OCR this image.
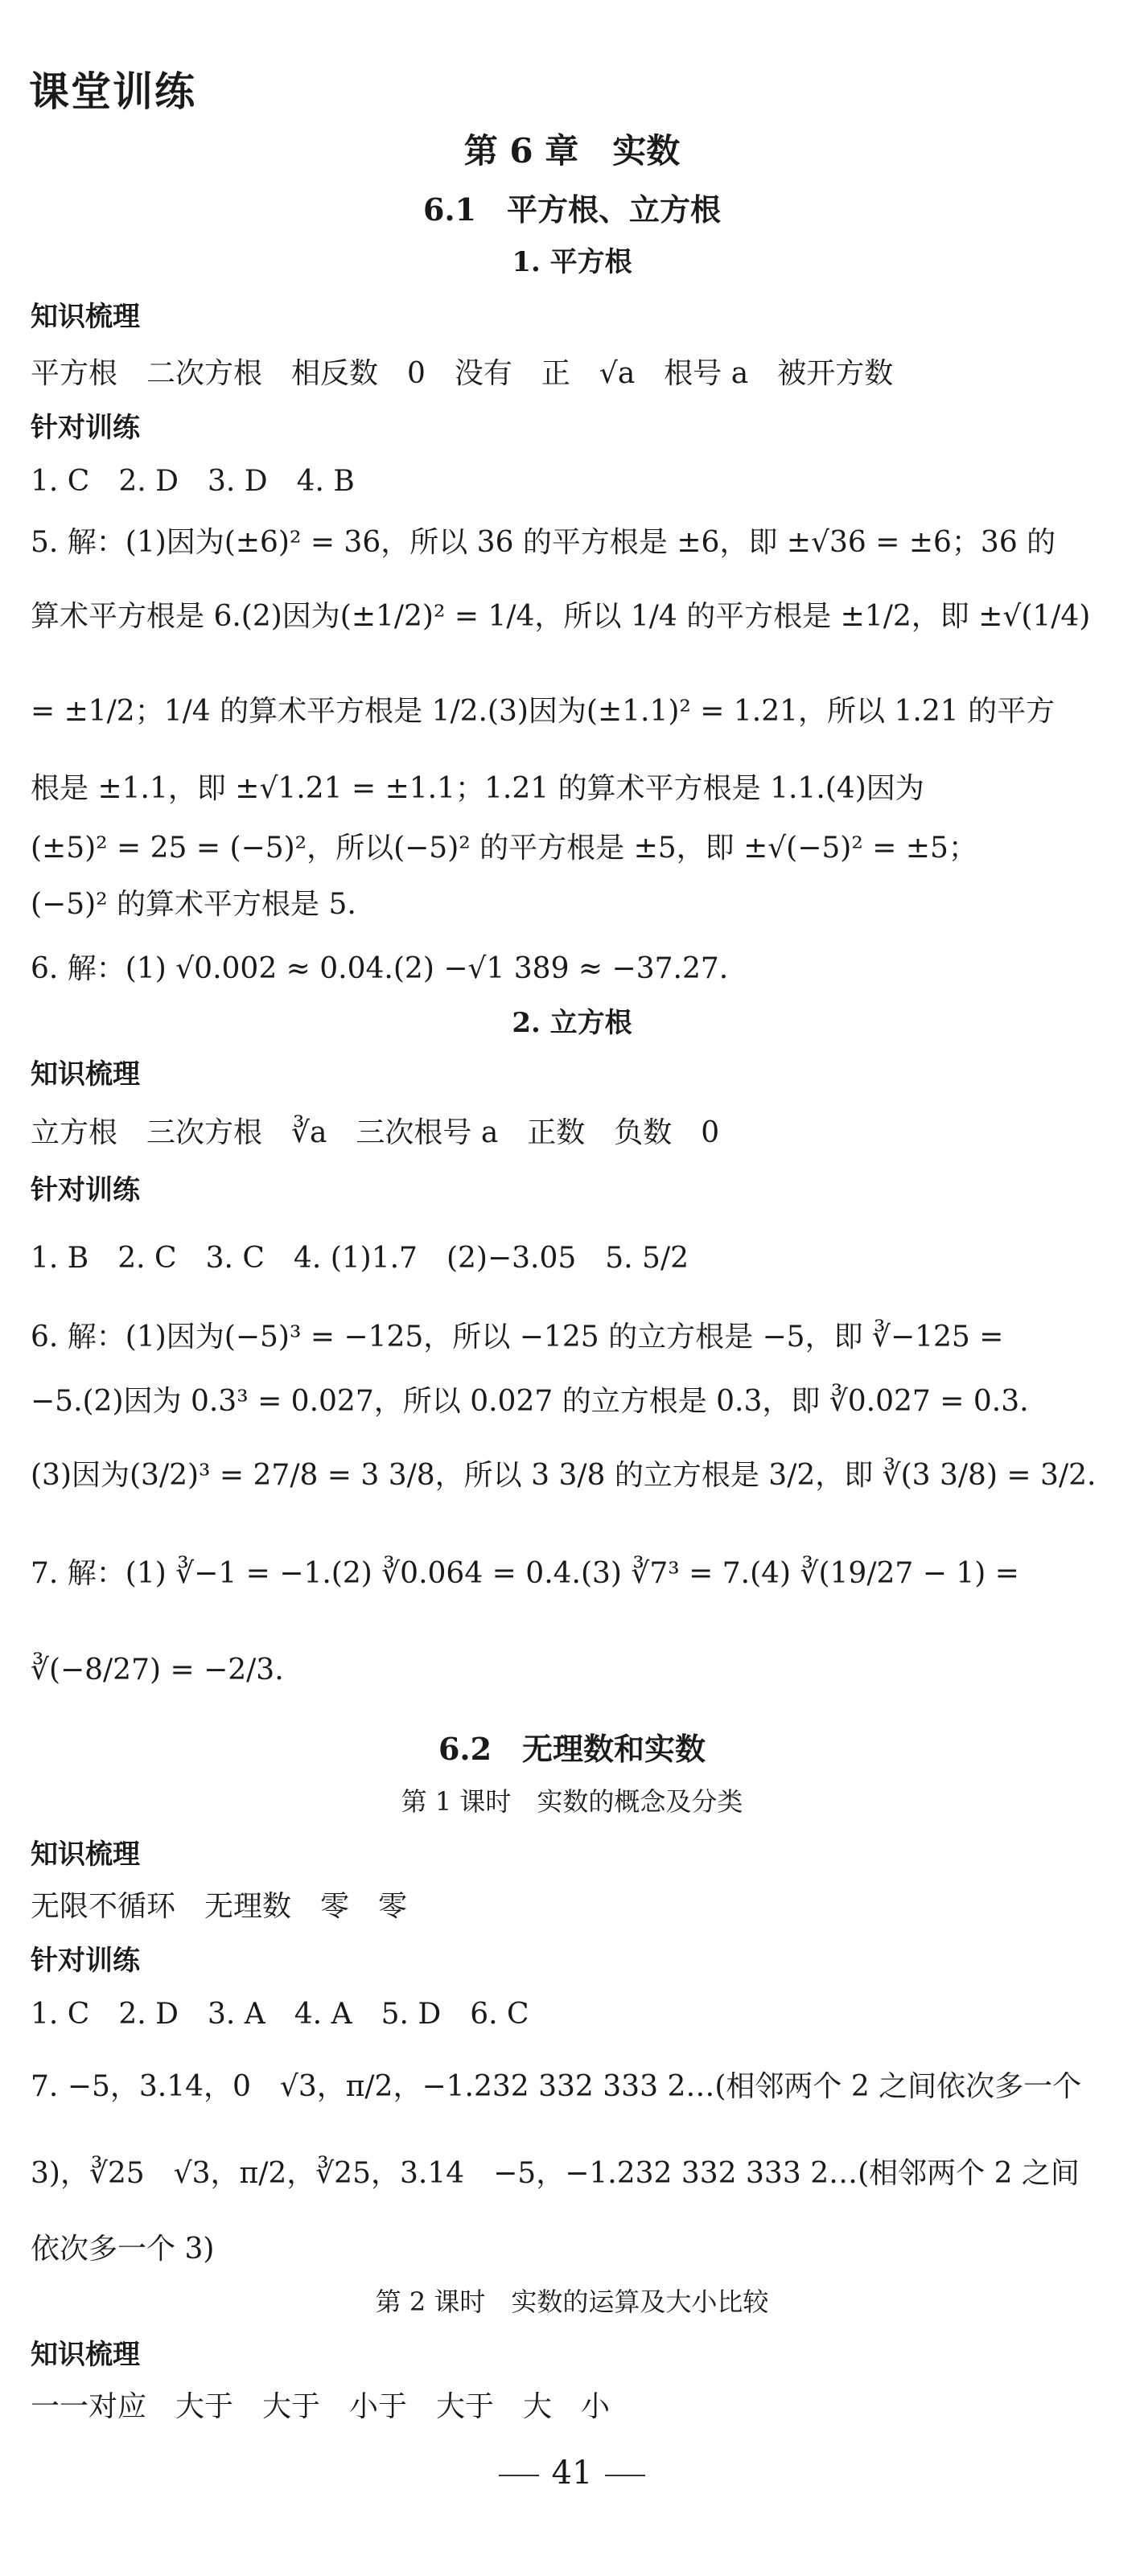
课堂训练
第 6 章　实数
6.1　平方根、立方根
1. 平方根
知识梳理
平方根　二次方根　相反数　0　没有　正　√a　根号 a　被开方数
针对训练
1. C　2. D　3. D　4. B
5. 解：(1)因为(±6)² = 36，所以 36 的平方根是 ±6，即 ±√36 = ±6；36 的
算术平方根是 6.(2)因为(±1/2)² = 1/4，所以 1/4 的平方根是 ±1/2，即 ±√(1/4)
= ±1/2；1/4 的算术平方根是 1/2.(3)因为(±1.1)² = 1.21，所以 1.21 的平方
根是 ±1.1，即 ±√1.21 = ±1.1；1.21 的算术平方根是 1.1.(4)因为
(±5)² = 25 = (−5)²，所以(−5)² 的平方根是 ±5，即 ±√(−5)² = ±5；
(−5)² 的算术平方根是 5.
6. 解：(1) √0.002 ≈ 0.04.(2) −√1 389 ≈ −37.27.
2. 立方根
知识梳理
立方根　三次方根　∛a　三次根号 a　正数　负数　0
针对训练
1. B　2. C　3. C　4. (1)1.7　(2)−3.05　5. 5/2
6. 解：(1)因为(−5)³ = −125，所以 −125 的立方根是 −5，即 ∛−125 =
−5.(2)因为 0.3³ = 0.027，所以 0.027 的立方根是 0.3，即 ∛0.027 = 0.3.
(3)因为(3/2)³ = 27/8 = 3 3/8，所以 3 3/8 的立方根是 3/2，即 ∛(3 3/8) = 3/2.
7. 解：(1) ∛−1 = −1.(2) ∛0.064 = 0.4.(3) ∛7³ = 7.(4) ∛(19/27 − 1) =
∛(−8/27) = −2/3.
6.2　无理数和实数
第 1 课时　实数的概念及分类
知识梳理
无限不循环　无理数　零　零
针对训练
1. C　2. D　3. A　4. A　5. D　6. C
7. −5，3.14，0　√3，π/2，−1.232 332 333 2…(相邻两个 2 之间依次多一个
3)，∛25　√3，π/2，∛25，3.14　−5，−1.232 332 333 2…(相邻两个 2 之间
依次多一个 3)
第 2 课时　实数的运算及大小比较
知识梳理
一一对应　大于　大于　小于　大于　大　小
41
